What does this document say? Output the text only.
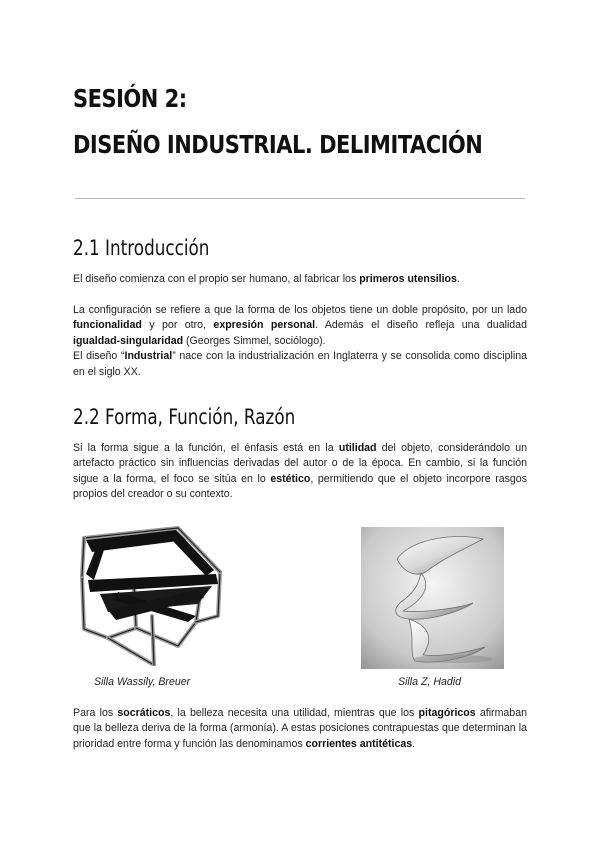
SESIÓN 2:
DISEÑO INDUSTRIAL. DELIMITACIÓN
2.1 Introducción

El diseño comienza con el propio ser humano, al fabricar los primeros utensilios.

La configuración se refiere a que la forma de los objetos tiene un doble propósito, por un lado funcionalidad y por otro, expresión personal. Además el diseño refleja una dualidad igualdad-singularidad (Georges Simmel, sociólogo).
El diseño “Industrial” nace con la industrialización en Inglaterra y se consolida como disciplina en el siglo XX.

2.2 Forma, Función, Razón

Si la forma sigue a la función, el énfasis está en la utilidad del objeto, considerándolo un artefacto práctico sin influencias derivadas del autor o de la época. En cambio, si la función sigue a la forma, el foco se sitúa en lo estético, permitiendo que el objeto incorpore rasgos propios del creador o su contexto.

Silla Wassily, Breuer	Silla Z, Hadid

Para los socráticos, la belleza necesita una utilidad, mientras que los pitagóricos afirmaban que la belleza deriva de la forma (armonía). A estas posiciones contrapuestas que determinan la prioridad entre forma y función las denominamos corrientes antitéticas.
